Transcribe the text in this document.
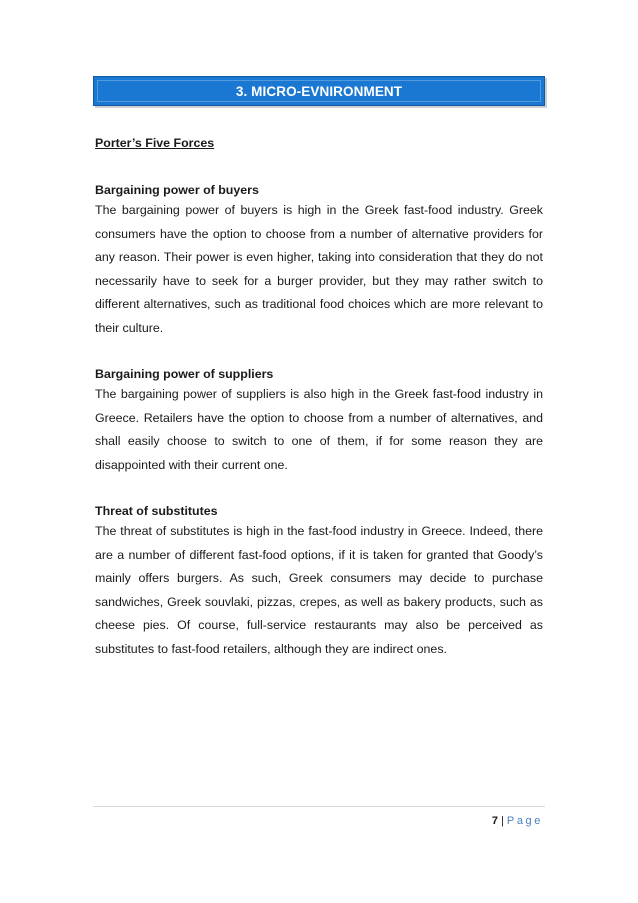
3. MICRO-EVNIRONMENT
Porter’s Five Forces
Bargaining power of buyers

The bargaining power of buyers is high in the Greek fast-food industry. Greek consumers have the option to choose from a number of alternative providers for any reason. Their power is even higher, taking into consideration that they do not necessarily have to seek for a burger provider, but they may rather switch to different alternatives, such as traditional food choices which are more relevant to their culture.

Bargaining power of suppliers

The bargaining power of suppliers is also high in the Greek fast-food industry in Greece. Retailers have the option to choose from a number of alternatives, and shall easily choose to switch to one of them, if for some reason they are disappointed with their current one.

Threat of substitutes

The threat of substitutes is high in the fast-food industry in Greece. Indeed, there are a number of different fast-food options, if it is taken for granted that Goody’s mainly offers burgers. As such, Greek consumers may decide to purchase sandwiches, Greek souvlaki, pizzas, crepes, as well as bakery products, such as cheese pies. Of course, full-service restaurants may also be perceived as substitutes to fast-food retailers, although they are indirect ones.

7 | Page
